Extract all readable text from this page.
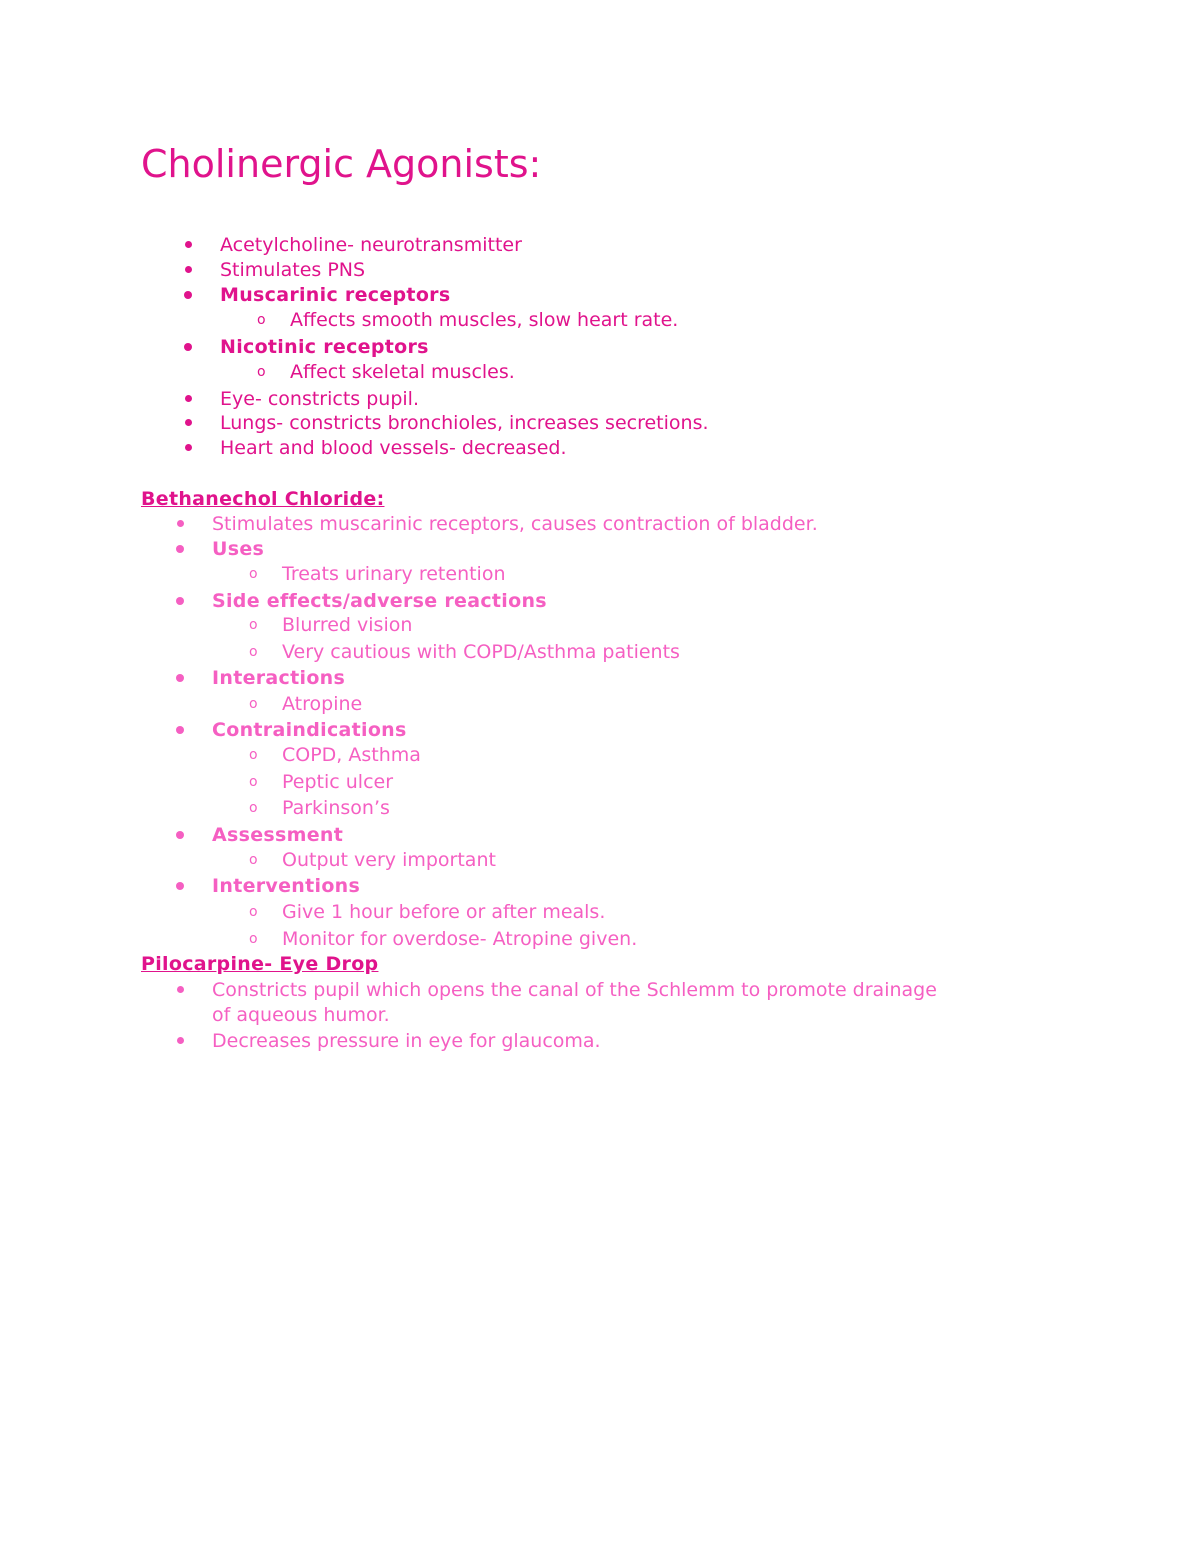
Cholinergic Agonists:
Acetylcholine- neurotransmitter
Stimulates PNS
Muscarinic receptors
o Affects smooth muscles, slow heart rate.
Nicotinic receptors
o Affect skeletal muscles.
Eye- constricts pupil.
Lungs- constricts bronchioles, increases secretions.
Heart and blood vessels- decreased.
Bethanechol Chloride:
Stimulates muscarinic receptors, causes contraction of bladder.
Uses
o Treats urinary retention
Side effects/adverse reactions
o Blurred vision
o Very cautious with COPD/Asthma patients
Interactions
o Atropine
Contraindications
o COPD, Asthma
o Peptic ulcer
o Parkinson’s
Assessment
o Output very important
Interventions
o Give 1 hour before or after meals.
o Monitor for overdose- Atropine given.
Pilocarpine- Eye Drop
Constricts pupil which opens the canal of the Schlemm to promote drainage
of aqueous humor.
Decreases pressure in eye for glaucoma.
